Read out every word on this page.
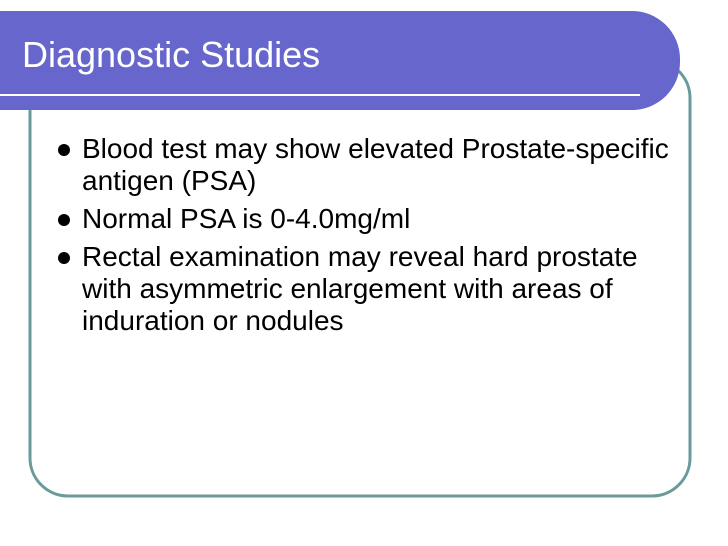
Diagnostic Studies
Blood test may show elevated Prostate-specific antigen (PSA)
Normal PSA is 0-4.0mg/ml
Rectal examination may reveal hard prostate with asymmetric enlargement with areas of induration or nodules
